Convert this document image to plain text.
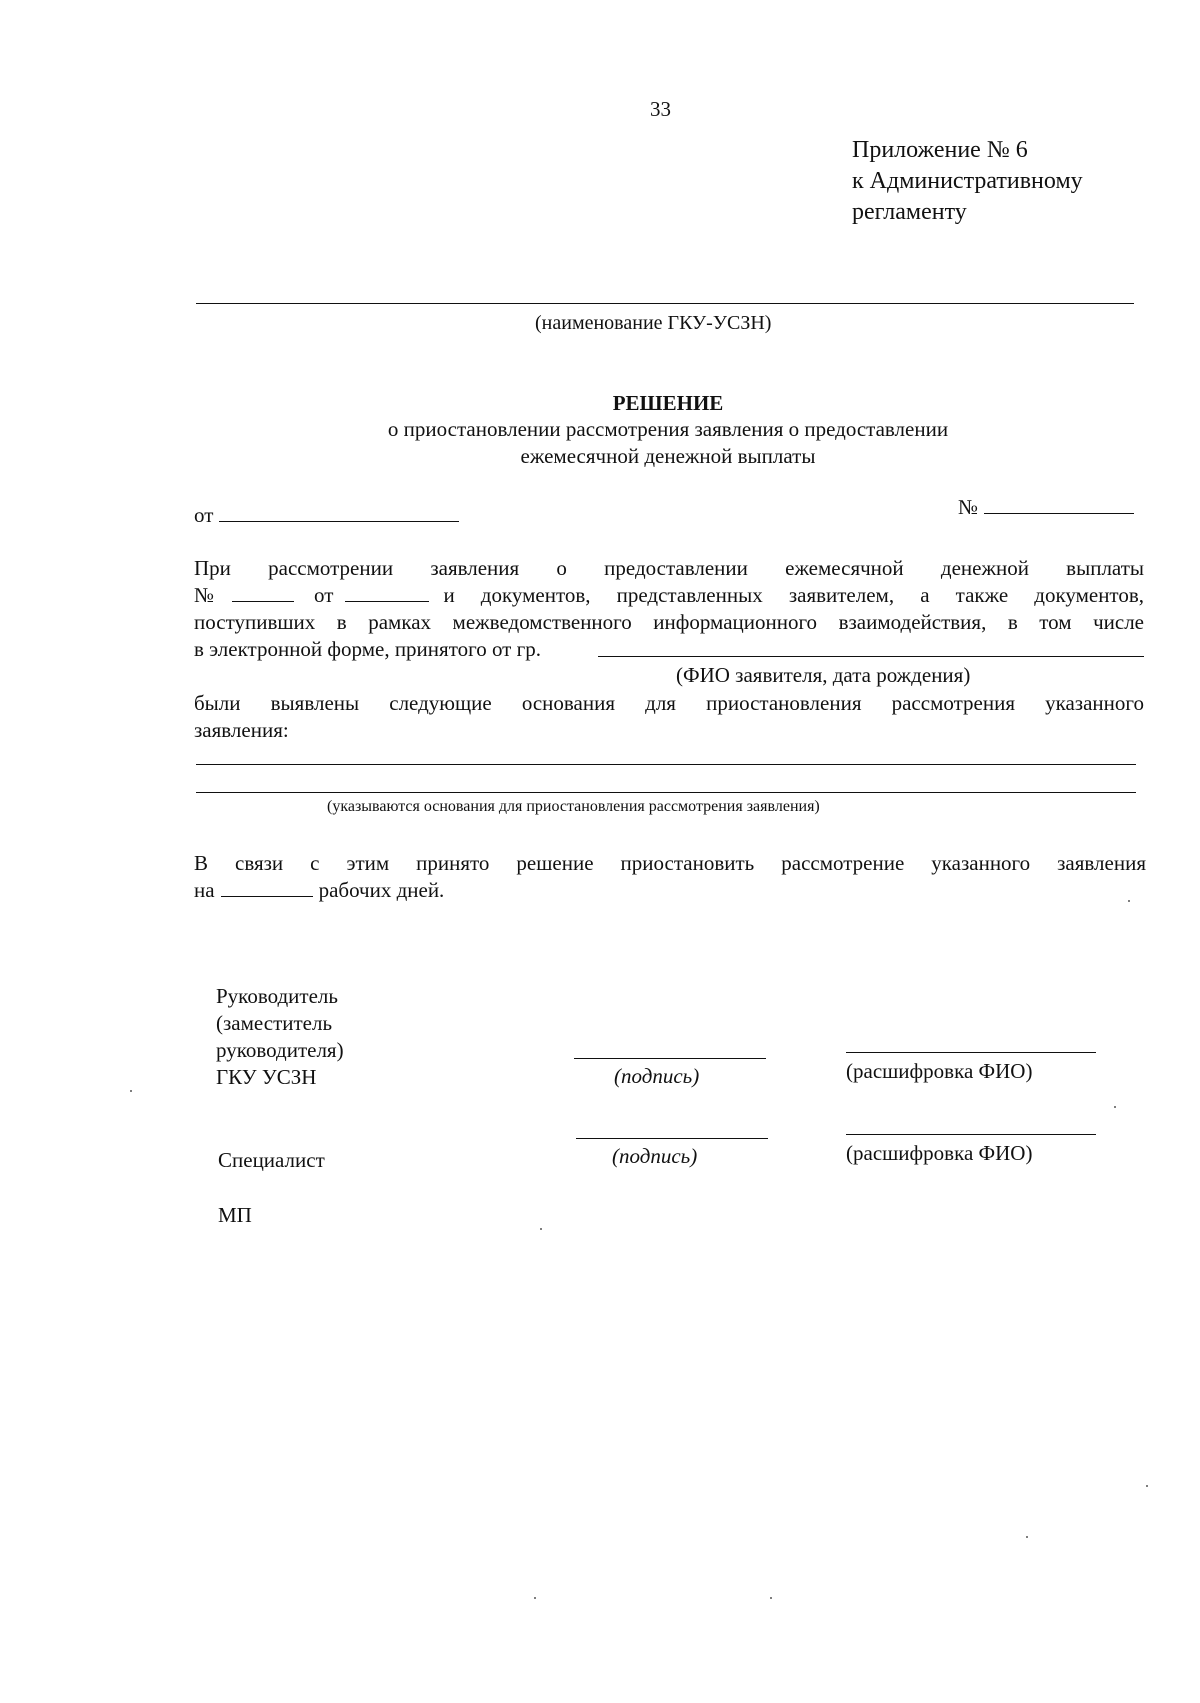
33
Приложение № 6
к Административному
регламенту
(наименование ГКУ-УСЗН)
РЕШЕНИЕ
о приостановлении рассмотрения заявления о предоставлении
ежемесячной денежной выплаты
от	№
При рассмотрении заявления о предоставлении ежемесячной денежной выплаты
№	от	и документов, представленных заявителем, а также документов,
поступивших в рамках межведомственного информационного взаимодействия, в том числе
в электронной форме, принятого от гр.
(ФИО заявителя, дата рождения)
были выявлены следующие основания для приостановления рассмотрения указанного
заявления:
(указываются основания для приостановления рассмотрения заявления)
В связи с этим принято решение приостановить рассмотрение указанного заявления
на	рабочих дней.
Руководитель
(заместитель
руководителя)
ГКУ УСЗН	(подпись)	(расшифровка ФИО)
Специалист	(подпись)	(расшифровка ФИО)
МП
